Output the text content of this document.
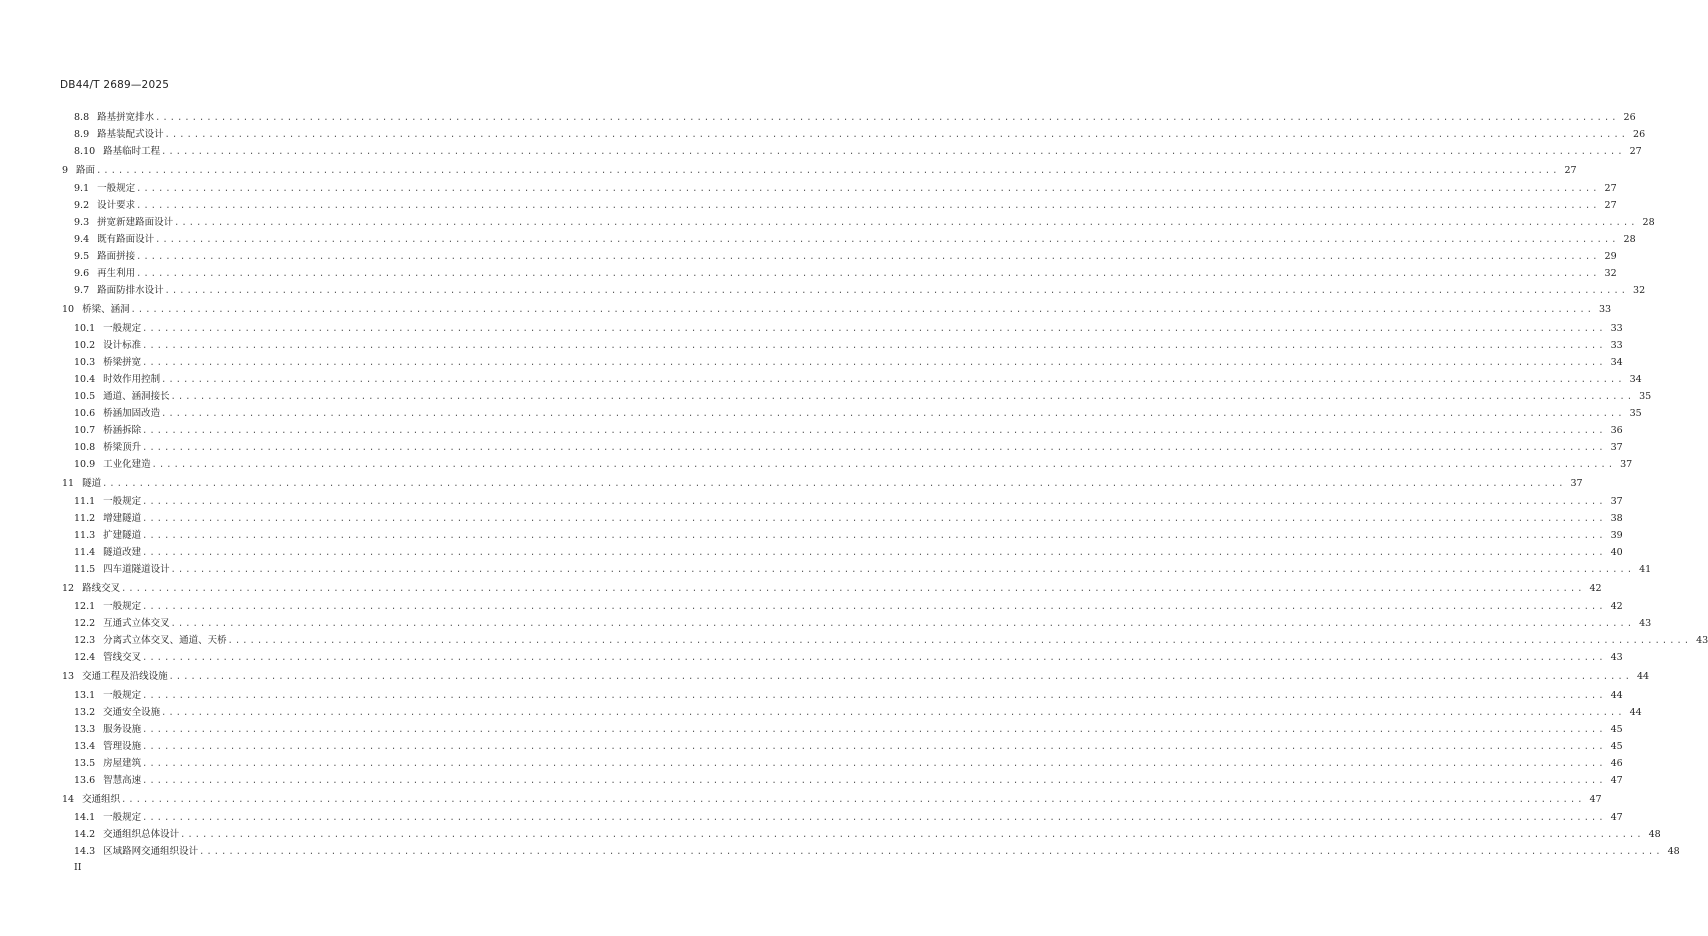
DB44/T 2689—2025
8.8 路基拼宽排水 ........................................................................................................................................................................................................ 26
8.9 路基装配式设计 ........................................................................................................................................................................................................ 26
8.10 路基临时工程 ........................................................................................................................................................................................................ 27
9 路面 ........................................................................................................................................................................................................ 27
9.1 一般规定 ........................................................................................................................................................................................................ 27
9.2 设计要求 ........................................................................................................................................................................................................ 27
9.3 拼宽新建路面设计 ........................................................................................................................................................................................................ 28
9.4 既有路面设计 ........................................................................................................................................................................................................ 28
9.5 路面拼接 ........................................................................................................................................................................................................ 29
9.6 再生利用 ........................................................................................................................................................................................................ 32
9.7 路面防排水设计 ........................................................................................................................................................................................................ 32
10 桥梁、涵洞 ........................................................................................................................................................................................................ 33
10.1 一般规定 ........................................................................................................................................................................................................ 33
10.2 设计标准 ........................................................................................................................................................................................................ 33
10.3 桥梁拼宽 ........................................................................................................................................................................................................ 34
10.4 时效作用控制 ........................................................................................................................................................................................................ 34
10.5 通道、涵洞接长 ........................................................................................................................................................................................................ 35
10.6 桥涵加固改造 ........................................................................................................................................................................................................ 35
10.7 桥涵拆除 ........................................................................................................................................................................................................ 36
10.8 桥梁顶升 ........................................................................................................................................................................................................ 37
10.9 工业化建造 ........................................................................................................................................................................................................ 37
11 隧道 ........................................................................................................................................................................................................ 37
11.1 一般规定 ........................................................................................................................................................................................................ 37
11.2 增建隧道 ........................................................................................................................................................................................................ 38
11.3 扩建隧道 ........................................................................................................................................................................................................ 39
11.4 隧道改建 ........................................................................................................................................................................................................ 40
11.5 四车道隧道设计 ........................................................................................................................................................................................................ 41
12 路线交叉 ........................................................................................................................................................................................................ 42
12.1 一般规定 ........................................................................................................................................................................................................ 42
12.2 互通式立体交叉 ........................................................................................................................................................................................................ 43
12.3 分离式立体交叉、通道、天桥 ........................................................................................................................................................................................................ 43
12.4 管线交叉 ........................................................................................................................................................................................................ 43
13 交通工程及沿线设施 ........................................................................................................................................................................................................ 44
13.1 一般规定 ........................................................................................................................................................................................................ 44
13.2 交通安全设施 ........................................................................................................................................................................................................ 44
13.3 服务设施 ........................................................................................................................................................................................................ 45
13.4 管理设施 ........................................................................................................................................................................................................ 45
13.5 房屋建筑 ........................................................................................................................................................................................................ 46
13.6 智慧高速 ........................................................................................................................................................................................................ 47
14 交通组织 ........................................................................................................................................................................................................ 47
14.1 一般规定 ........................................................................................................................................................................................................ 47
14.2 交通组织总体设计 ........................................................................................................................................................................................................ 48
14.3 区域路网交通组织设计 ........................................................................................................................................................................................................ 48
II
